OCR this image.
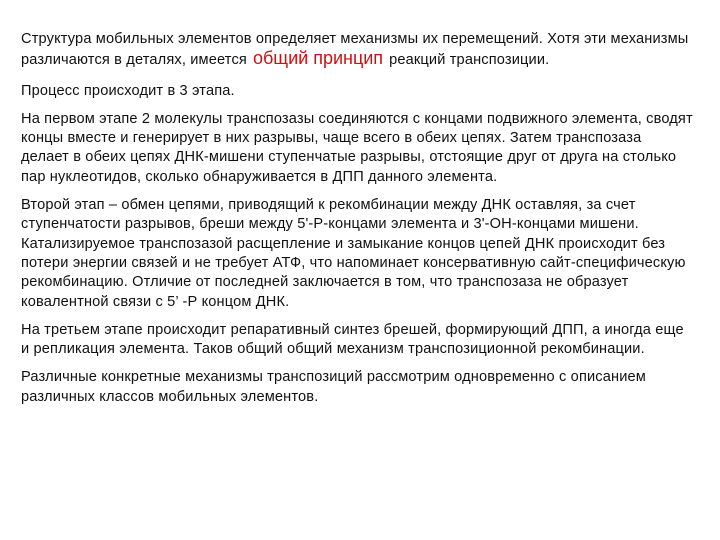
Структура мобильных элементов определяет механизмы их перемещений. Хотя эти механизмы различаются в деталях, имеется общий принцип реакций транспозиции.

Процесс происходит в 3 этапа.

На первом этапе 2 молекулы транспозазы соединяются с концами подвижного элемента, сводят концы вместе и генерирует в них разрывы, чаще всего в обеих цепях. Затем транспозаза делает в обеих цепях ДНК-мишени ступенчатые разрывы, отстоящие друг от друга на столько пар нуклеотидов, сколько обнаруживается в ДПП данного элемента.

Второй этап – обмен цепями, приводящий к рекомбинации между ДНК оставляя, за счет ступенчатости разрывов, бреши между 5'-Р-концами элемента и 3'-ОН-концами мишени. Катализируемое транспозазой расщепление и замыкание концов цепей ДНК происходит без потери энергии связей и не требует АТФ, что напоминает консервативную сайт-специфическую рекомбинацию. Отличие от последней заключается в том, что транспозаза не образует ковалентной связи с 5’ -Р концом ДНК.

На третьем этапе происходит репаративный синтез брешей, формирующий ДПП, а иногда еще и репликация элемента. Таков общий общий механизм транспозиционной рекомбинации.

Различные конкретные механизмы транспозиций рассмотрим одновременно с описанием различных классов мобильных элементов.
